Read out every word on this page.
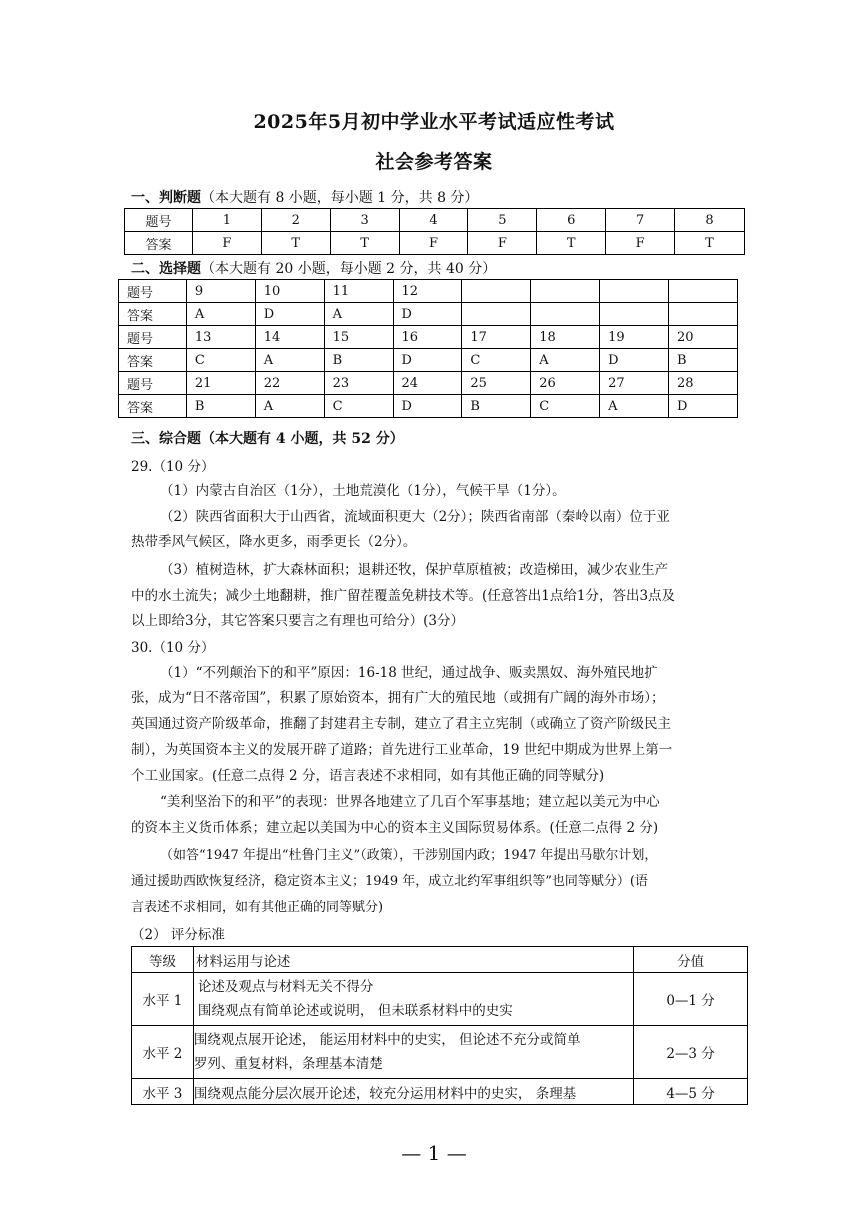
2025年5月初中学业水平考试适应性考试
社会参考答案
一、判断题（本大题有 8 小题，每小题 1 分，共 8 分）
题号	1	2	3	4	5	6	7	8
答案	F	T	T	F	F	T	F	T
二、选择题（本大题有 20 小题，每小题 2 分，共 40 分）
题号	9	10	11	12				
答案	A	D	A	D				
题号	13	14	15	16	17	18	19	20
答案	C	A	B	D	C	A	D	B
题号	21	22	23	24	25	26	27	28
答案	B	A	C	D	B	C	A	D
三、综合题（本大题有 4 小题，共 52 分）
29.（10 分）
（1）内蒙古自治区（1分），土地荒漠化（1分），气候干旱（1分）。
（2）陕西省面积大于山西省，流域面积更大（2分）；陕西省南部（秦岭以南）位于亚
热带季风气候区，降水更多，雨季更长（2分）。
（3）植树造林，扩大森林面积；退耕还牧，保护草原植被；改造梯田，减少农业生产
中的水土流失；减少土地翻耕，推广留茬覆盖免耕技术等。(任意答出1点给1分，答出3点及
以上即给3分，其它答案只要言之有理也可给分）(3分）
30.（10 分）
（1）“不列颠治下的和平”原因：16-18 世纪，通过战争、贩卖黑奴、海外殖民地扩
张，成为“日不落帝国”，积累了原始资本，拥有广大的殖民地（或拥有广阔的海外市场）；
英国通过资产阶级革命，推翻了封建君主专制，建立了君主立宪制（或确立了资产阶级民主
制），为英国资本主义的发展开辟了道路；首先进行工业革命，19 世纪中期成为世界上第一
个工业国家。(任意二点得 2 分，语言表述不求相同，如有其他正确的同等赋分)
“美利坚治下的和平”的表现：世界各地建立了几百个军事基地；建立起以美元为中心
的资本主义货币体系；建立起以美国为中心的资本主义国际贸易体系。(任意二点得 2 分)
（如答“1947 年提出“杜鲁门主义”（政策），干涉别国内政；1947 年提出马歇尔计划，
通过援助西欧恢复经济，稳定资本主义；1949 年，成立北约军事组织等”也同等赋分）(语
言表述不求相同，如有其他正确的同等赋分)
（2） 评分标准
等级	材料运用与论述	分值
水平 1	论述及观点与材料无关不得分
围绕观点有简单论述或说明， 但未联系材料中的史实	0—1 分
水平 2	围绕观点展开论述， 能运用材料中的史实， 但论述不充分或简单
罗列、重复材料，条理基本清楚	2—3 分
水平 3	围绕观点能分层次展开论述，较充分运用材料中的史实， 条理基	4—5 分
— 1 —
